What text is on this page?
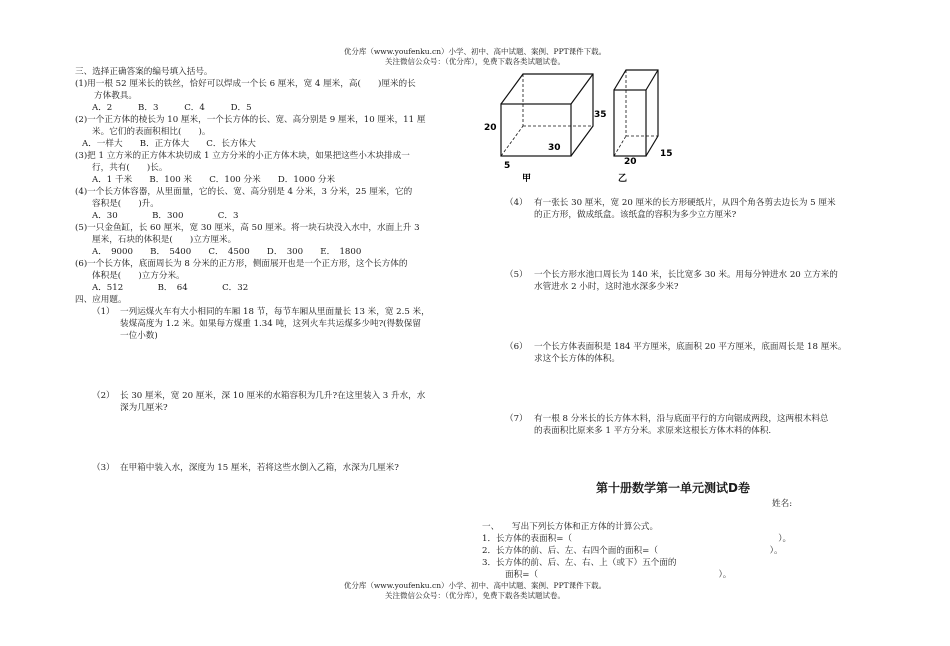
优分库（www.youfenku.cn）小学、初中、高中试题、案例、PPT课件下载。
关注微信公众号：（优分库），免费下载各类试题试卷。
三、选择正确答案的编号填入括号。
(1)用一根 52 厘米长的铁丝，恰好可以焊成一个长 6 厘米，宽 4 厘米，高(　　)厘米的长
方体教具。
A．2　　　B．3　　　C．4　　　D．5
(2)一个正方体的棱长为 10 厘米，一个长方体的长、宽、高分别是 9 厘米，10 厘米，11 厘
米。它们的表面积相比(　　)。
A．一样大　　B．正方体大　　C．长方体大
(3)把 1 立方米的正方体木块切成 1 立方分米的小正方体木块，如果把这些小木块排成一
行，共有(　　)长。
A．1 千米　　B．100 米　　C．100 分米　　D．1000 分米
(4)一个长方体容器，从里面量，它的长、宽、高分别是 4 分米，3 分米，25 厘米，它的
容积是(　　)升。
A．30　　　　B．300　　　　C．3
(5)一只金鱼缸，长 60 厘米，宽 30 厘米，高 50 厘米。将一块石块没入水中，水面上升 3
厘米，石块的体积是(　　)立方厘米。
A．　9000　　B．　5400　　C．　4500　　D．　300　　E．　1800
(6)一个长方体，底面周长为 8 分米的正方形，侧面展开也是一个正方形，这个长方体的
体积是(　　)立方分米。
A．512　　　　B．　64　　　　C．32
四、应用题。
（1） 一列运煤火车有大小相同的车厢 18 节，每节车厢从里面量长 13 米，宽 2.5 米，
装煤高度为 1.2 米。如果每方煤重 1.34 吨，这列火车共运煤多少吨?(得数保留
一位小数)
（2） 长 30 厘米，宽 20 厘米，深 10 厘米的水箱容积为几升?在这里装入 3 升水，水
深为几厘米?
（3） 在甲箱中装入水，深度为 15 厘米，若将这些水倒入乙箱，水深为几厘米?
20
30
5
甲
35
20
15
乙
（4） 有一张长 30 厘米，宽 20 厘米的长方形硬纸片，从四个角各剪去边长为 5 厘米
的正方形，做成纸盒。该纸盒的容积为多少立方厘米?
（5） 一个长方形水池口周长为 140 米，长比宽多 30 米。用每分钟进水 20 立方米的
水管进水 2 小时，这时池水深多少米?
（6） 一个长方体表面积是 184 平方厘米，底面积 20 平方厘米，底面周长是 18 厘米。
求这个长方体的体积。
（7） 有一根 8 分米长的长方体木料，沿与底面平行的方向锯成两段，这两根木料总
的表面积比原来多 1 平方分米。求原来这根长方体木料的体积.
第十册数学第一单元测试D卷
姓名:
一、 写出下列长方体和正方体的计算公式。
1．长方体的表面积=（　　　　　　　　　　　　　　　　　　　　　　　　）。
2．长方体的前、后、左、右四个面的面积=（　　　　　　　　　　　　　）。
3．长方体的前、后、左、右、上（或下）五个面的
面积=（　　　　　　　　　　　　　　　　　　　　　）。
优分库（www.youfenku.cn）小学、初中、高中试题、案例、PPT课件下载。
关注微信公众号：（优分库），免费下载各类试题试卷。
